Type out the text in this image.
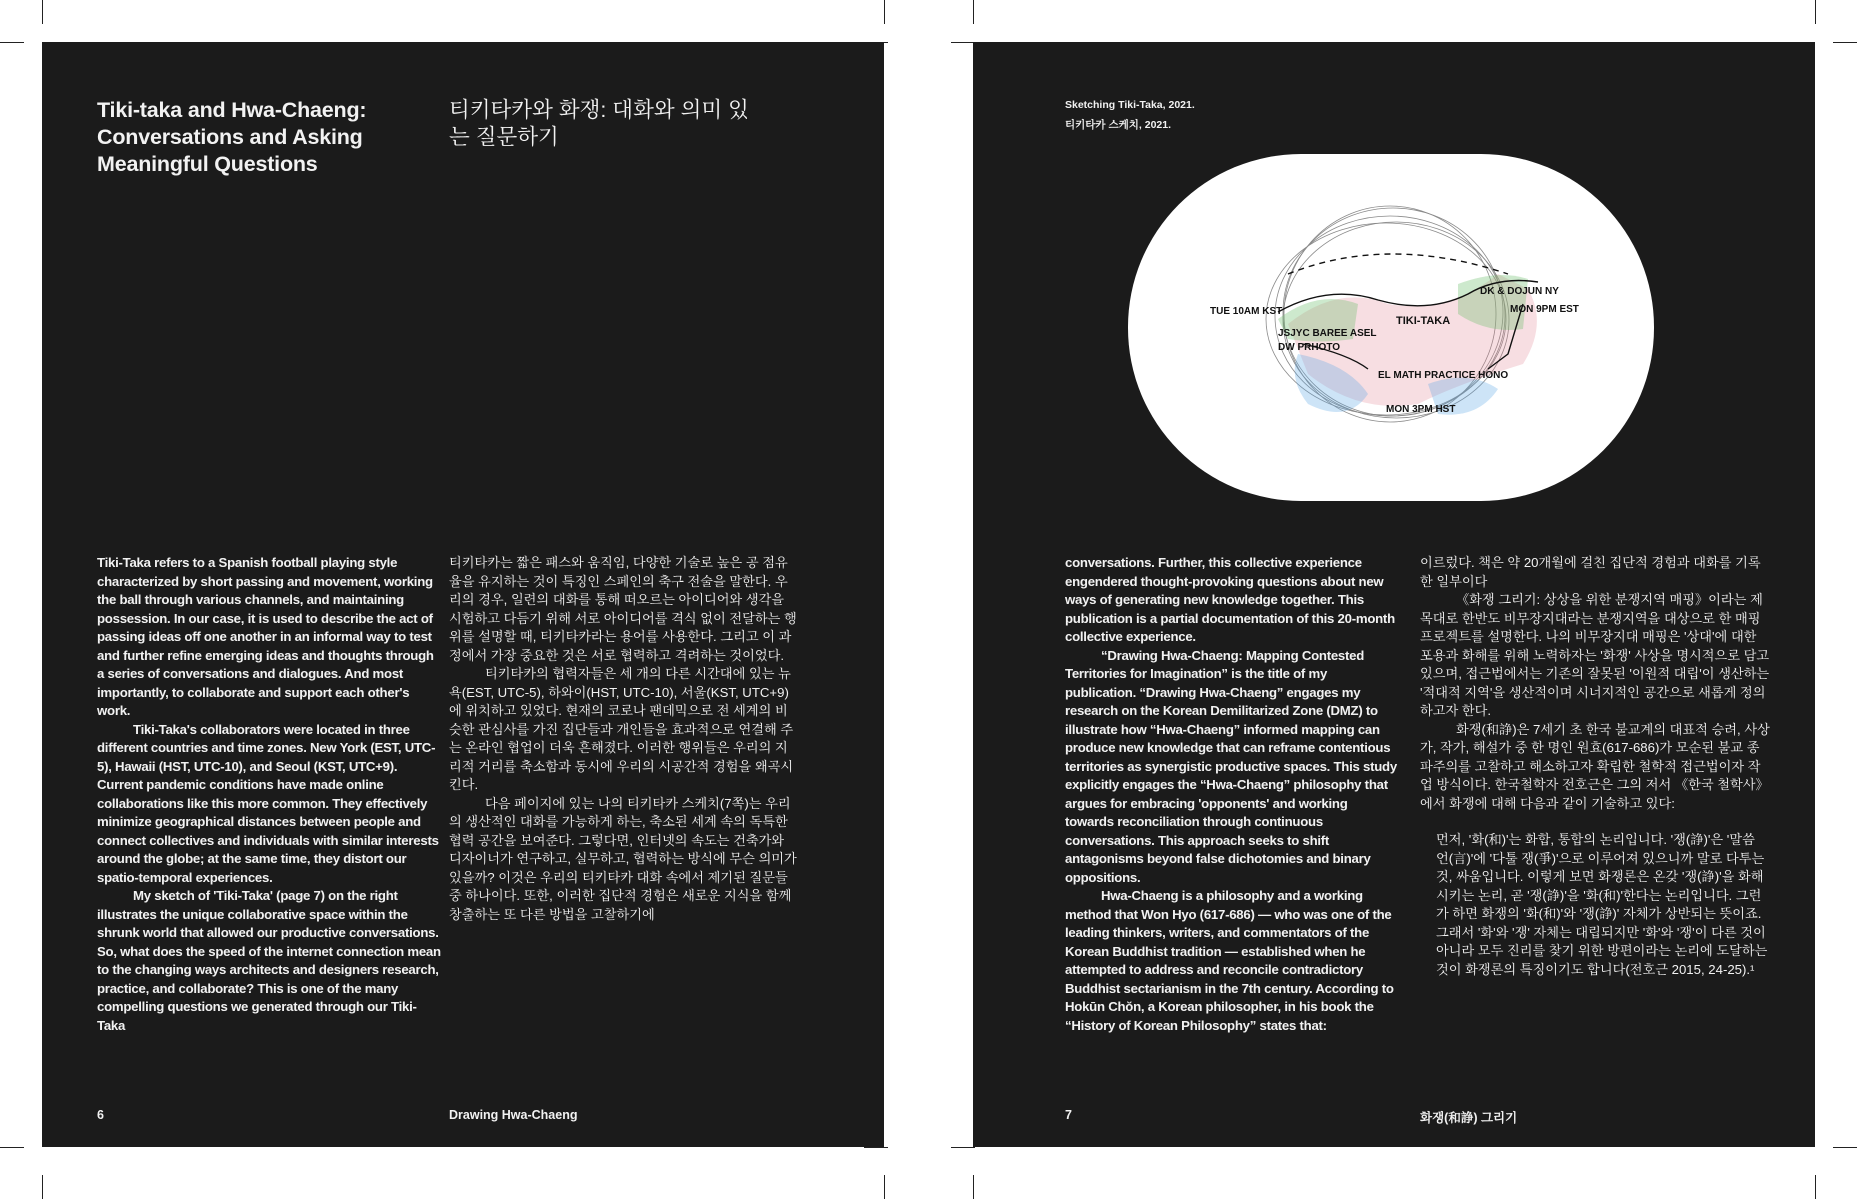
Tiki-taka and Hwa-Chaeng: Conversations and Asking Meaningful Questions
티키타카와 화쟁: 대화와 의미 있는 질문하기

Tiki-Taka refers to a Spanish football playing style characterized by short passing and movement, working the ball through various channels, and maintaining possession. In our case, it is used to describe the act of passing ideas off one another in an informal way to test and further refine emerging ideas and thoughts through a series of conversations and dialogues. And most importantly, to collaborate and support each other's work.

Tiki-Taka's collaborators were located in three different countries and time zones. New York (EST, UTC-5), Hawaii (HST, UTC-10), and Seoul (KST, UTC+9). Current pandemic conditions have made online collaborations like this more common. They effectively minimize geographical distances between people and connect collectives and individuals with similar interests around the globe; at the same time, they distort our spatio-temporal experiences.

My sketch of 'Tiki-Taka' (page 7) on the right illustrates the unique collaborative space within the shrunk world that allowed our productive conversations. So, what does the speed of the internet connection mean to the changing ways architects and designers research, practice, and collaborate? This is one of the many compelling questions we generated through our Tiki-Taka

티키타카는 짧은 패스와 움직임, 다양한 기술로 높은 공 점유율을 유지하는 것이 특징인 스페인의 축구 전술을 말한다. 우리의 경우, 일련의 대화를 통해 떠오르는 아이디어와 생각을 시험하고 다듬기 위해 서로 아이디어를 격식 없이 전달하는 행위를 설명할 때, 티키타카라는 용어를 사용한다. 그리고 이 과정에서 가장 중요한 것은 서로 협력하고 격려하는 것이었다.

티키타카의 협력자들은 세 개의 다른 시간대에 있는 뉴욕(EST, UTC-5), 하와이(HST, UTC-10), 서울(KST, UTC+9)에 위치하고 있었다. 현재의 코로나 팬데믹으로 전 세계의 비슷한 관심사를 가진 집단들과 개인들을 효과적으로 연결해 주는 온라인 협업이 더욱 흔해졌다. 이러한 행위들은 우리의 지리적 거리를 축소함과 동시에 우리의 시공간적 경험을 왜곡시킨다.

다음 페이지에 있는 나의 티키타카 스케치(7쪽)는 우리의 생산적인 대화를 가능하게 하는, 축소된 세계 속의 독특한 협력 공간을 보여준다. 그렇다면, 인터넷의 속도는 건축가와 디자이너가 연구하고, 실무하고, 협력하는 방식에 무슨 의미가 있을까? 이것은 우리의 티키타카 대화 속에서 제기된 질문들 중 하나이다. 또한, 이러한 집단적 경험은 새로운 지식을 함께 창출하는 또 다른 방법을 고찰하기에

6	Drawing Hwa-Chaeng

Sketching Tiki-Taka, 2021.

티키타카 스케치, 2021.

TUE 10AM KST
JSJYC BAREE ASEL
DW PRHOTO
TIKI-TAKA
DK & DOJUN NY
MON 9PM EST
EL MATH PRACTICE HONO
MON 3PM HST

conversations. Further, this collective experience engendered thought-provoking questions about new ways of generating new knowledge together. This publication is a partial documentation of this 20-month collective experience.

“Drawing Hwa-Chaeng: Mapping Contested Territories for Imagination” is the title of my publication. “Drawing Hwa-Chaeng” engages my research on the Korean Demilitarized Zone (DMZ) to illustrate how “Hwa-Chaeng” informed mapping can produce new knowledge that can reframe contentious territories as synergistic productive spaces. This study explicitly engages the “Hwa-Chaeng” philosophy that argues for embracing 'opponents' and working towards reconciliation through continuous conversations. This approach seeks to shift antagonisms beyond false dichotomies and binary oppositions.

Hwa-Chaeng is a philosophy and a working method that Won Hyo (617-686) — who was one of the leading thinkers, writers, and commentators of the Korean Buddhist tradition — established when he attempted to address and reconcile contradictory Buddhist sectarianism in the 7th century. According to Hokūn Chŏn, a Korean philosopher, in his book the “History of Korean Philosophy” states that:

이르렀다. 책은 약 20개월에 걸친 집단적 경험과 대화를 기록한 일부이다

《화쟁 그리기: 상상을 위한 분쟁지역 매핑》이라는 제목대로 한반도 비무장지대라는 분쟁지역을 대상으로 한 매핑 프로젝트를 설명한다. 나의 비무장지대 매핑은 '상대'에 대한 포용과 화해를 위해 노력하자는 '화쟁' 사상을 명시적으로 담고 있으며, 접근법에서는 기존의 잘못된 '이원적 대립'이 생산하는 '적대적 지역'을 생산적이며 시너지적인 공간으로 새롭게 정의하고자 한다.

화쟁(和諍)은 7세기 초 한국 불교계의 대표적 승려, 사상가, 작가, 해설가 중 한 명인 원효(617-686)가 모순된 불교 종파주의를 고찰하고 해소하고자 확립한 철학적 접근법이자 작업 방식이다. 한국철학자 전호근은 그의 저서 《한국 철학사》에서 화쟁에 대해 다음과 같이 기술하고 있다:

먼저, '화(和)'는 화합, 통합의 논리입니다. '쟁(諍)'은 '말씀 언(言)'에 '다툴 쟁(爭)'으로 이루어져 있으니까 말로 다투는 것, 싸움입니다. 이렇게 보면 화쟁론은 온갖 '쟁(諍)'을 화해시키는 논리, 곧 '쟁(諍)'을 '화(和)'한다는 논리입니다. 그런가 하면 화쟁의 '화(和)'와 '쟁(諍)' 자체가 상반되는 뜻이죠. 그래서 '화'와 '쟁' 자체는 대립되지만 '화'와 '쟁'이 다른 것이 아니라 모두 진리를 찾기 위한 방편이라는 논리에 도달하는 것이 화쟁론의 특징이기도 합니다(전호근 2015, 24-25).¹

7	화쟁(和諍) 그리기
